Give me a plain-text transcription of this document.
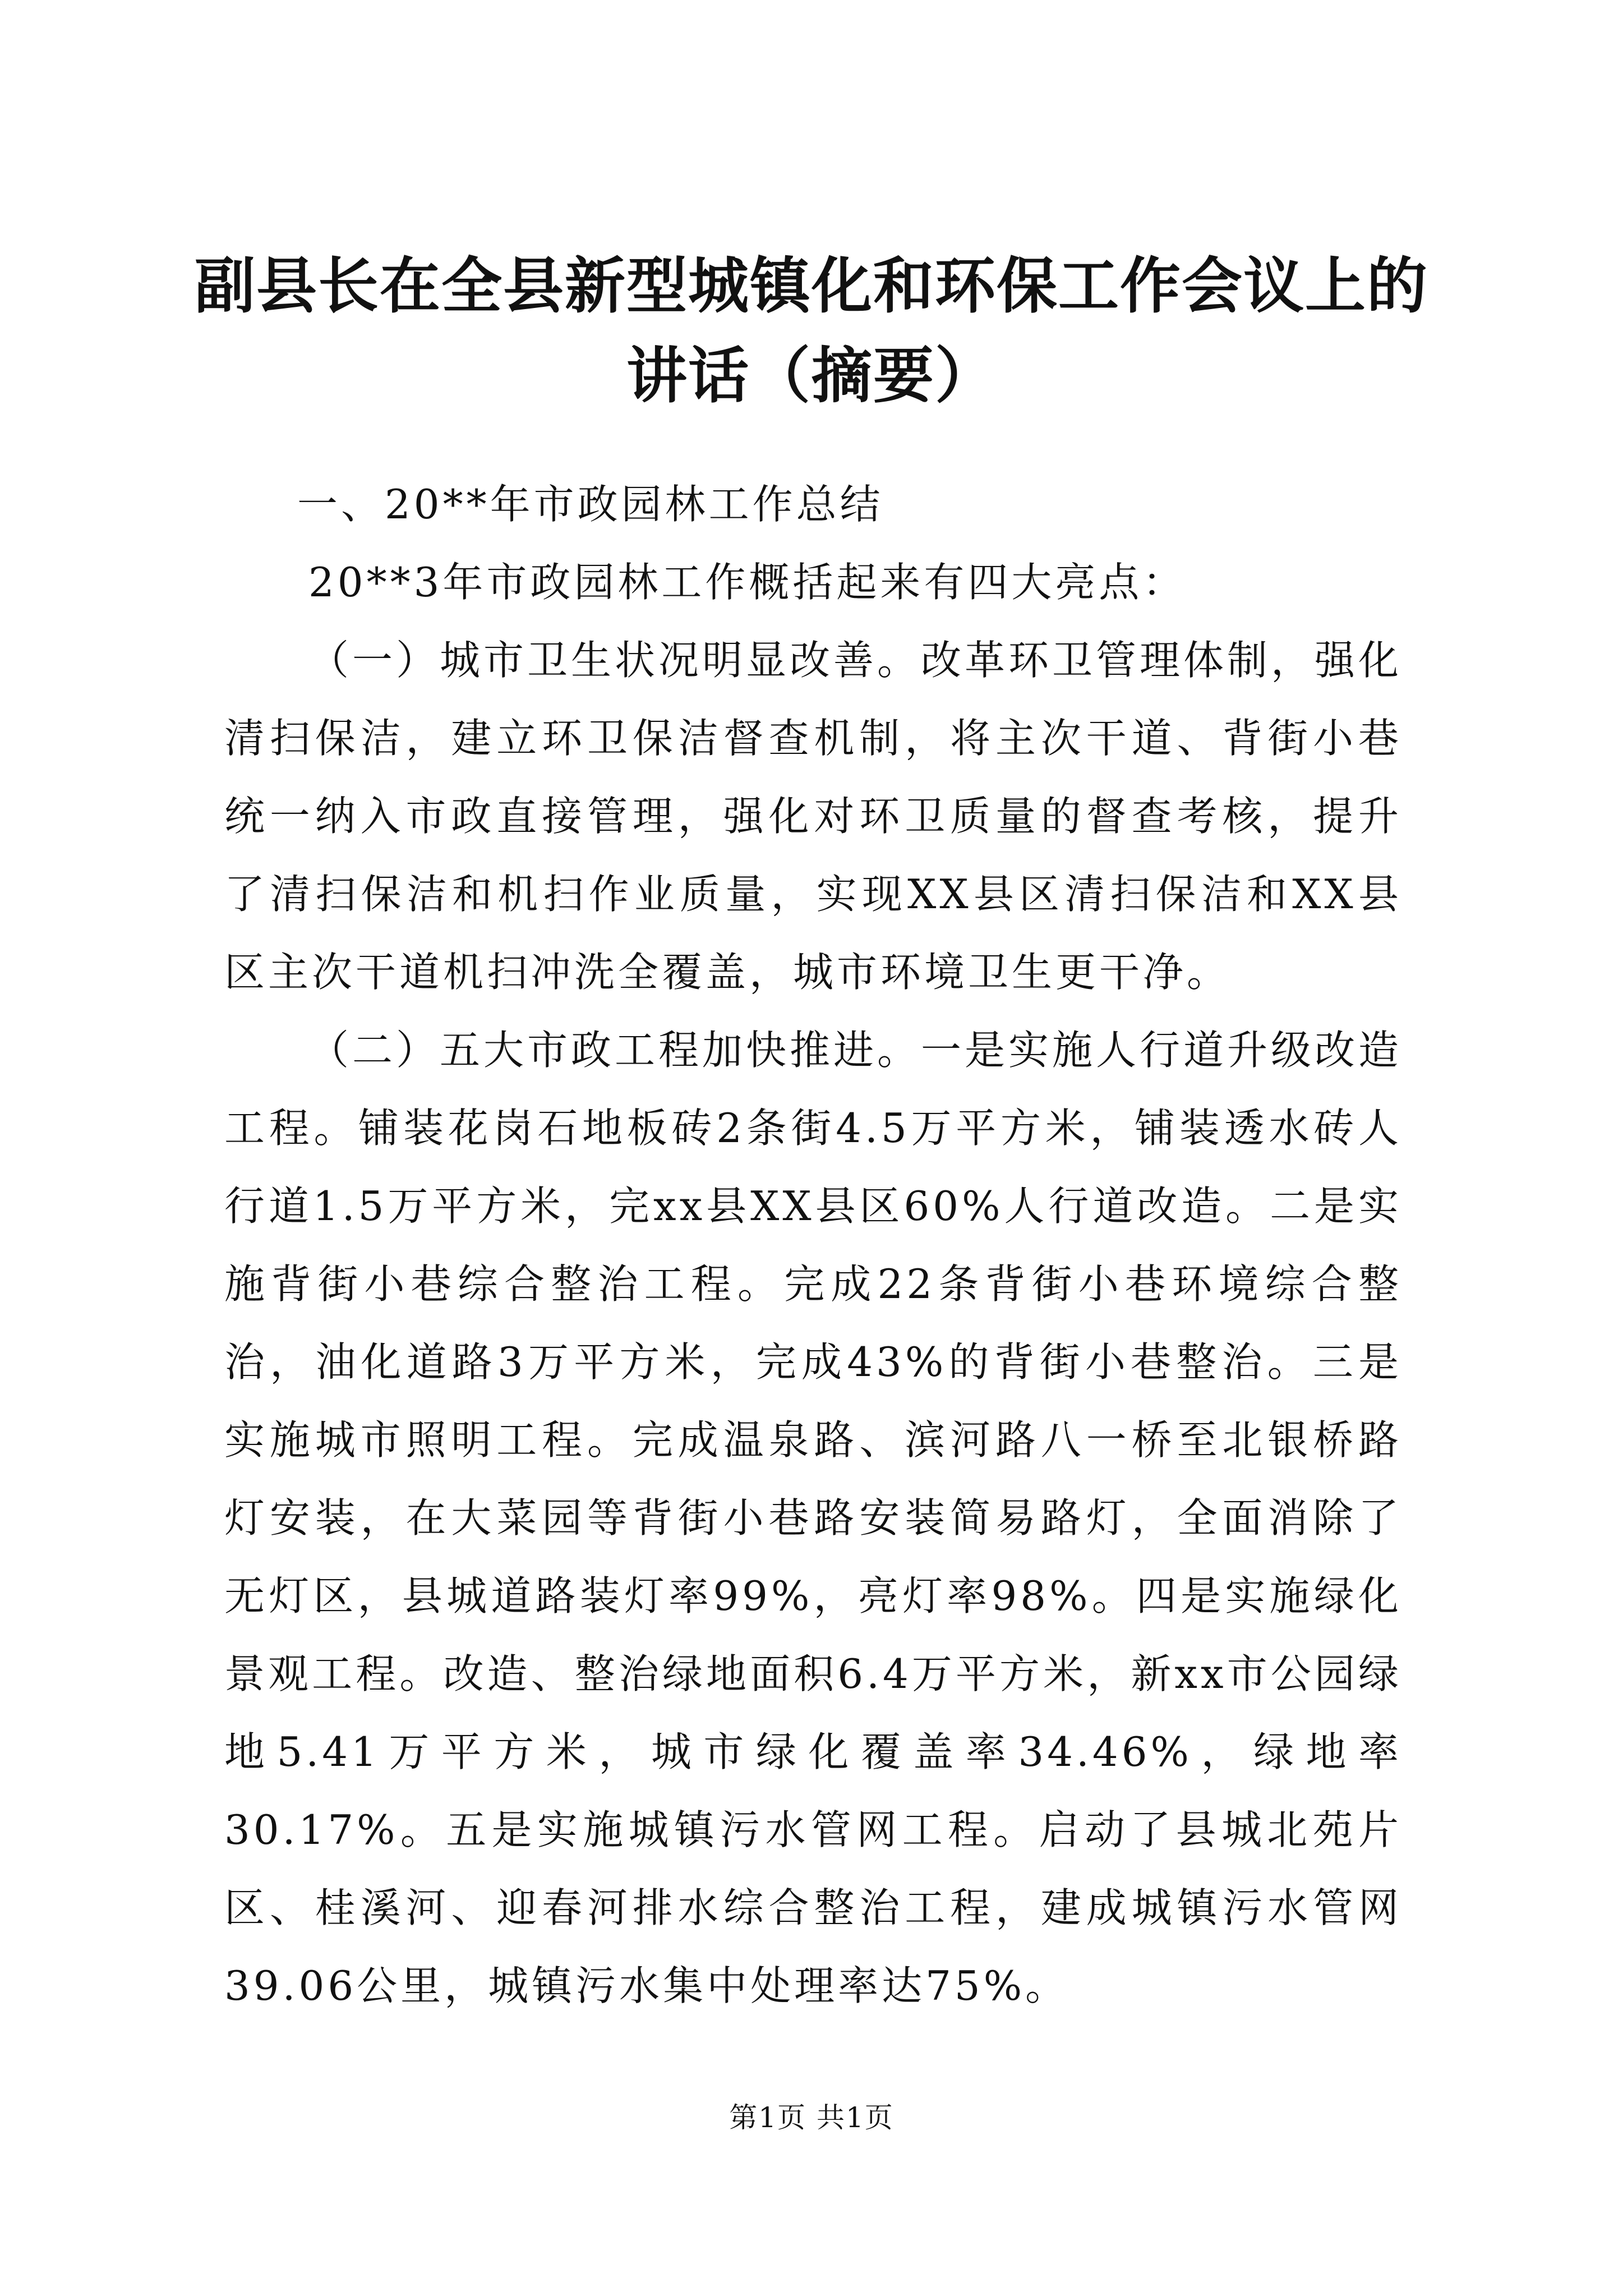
副县长在全县新型城镇化和环保工作会议上的讲话（摘要）

一、20**年市政园林工作总结

20**3年市政园林工作概括起来有四大亮点：

（一）城市卫生状况明显改善。改革环卫管理体制，强化清扫保洁，建立环卫保洁督查机制，将主次干道、背街小巷统一纳入市政直接管理，强化对环卫质量的督查考核，提升了清扫保洁和机扫作业质量，实现XX县区清扫保洁和XX县区主次干道机扫冲洗全覆盖，城市环境卫生更干净。

（二）五大市政工程加快推进。一是实施人行道升级改造工程。铺装花岗石地板砖2条街4.5万平方米，铺装透水砖人行道1.5万平方米，完xx县XX县区60%人行道改造。二是实施背街小巷综合整治工程。完成22条背街小巷环境综合整治，油化道路3万平方米，完成43%的背街小巷整治。三是实施城市照明工程。完成温泉路、滨河路八一桥至北银桥路灯安装，在大菜园等背街小巷路安装简易路灯，全面消除了无灯区，县城道路装灯率99%，亮灯率98%。四是实施绿化景观工程。改造、整治绿地面积6.4万平方米，新xx市公园绿地5.41万平方米，城市绿化覆盖率34.46%，绿地率30.17%。五是实施城镇污水管网工程。启动了县城北苑片区、桂溪河、迎春河排水综合整治工程，建成城镇污水管网39.06公里，城镇污水集中处理率达75%。

第1页 共1页
